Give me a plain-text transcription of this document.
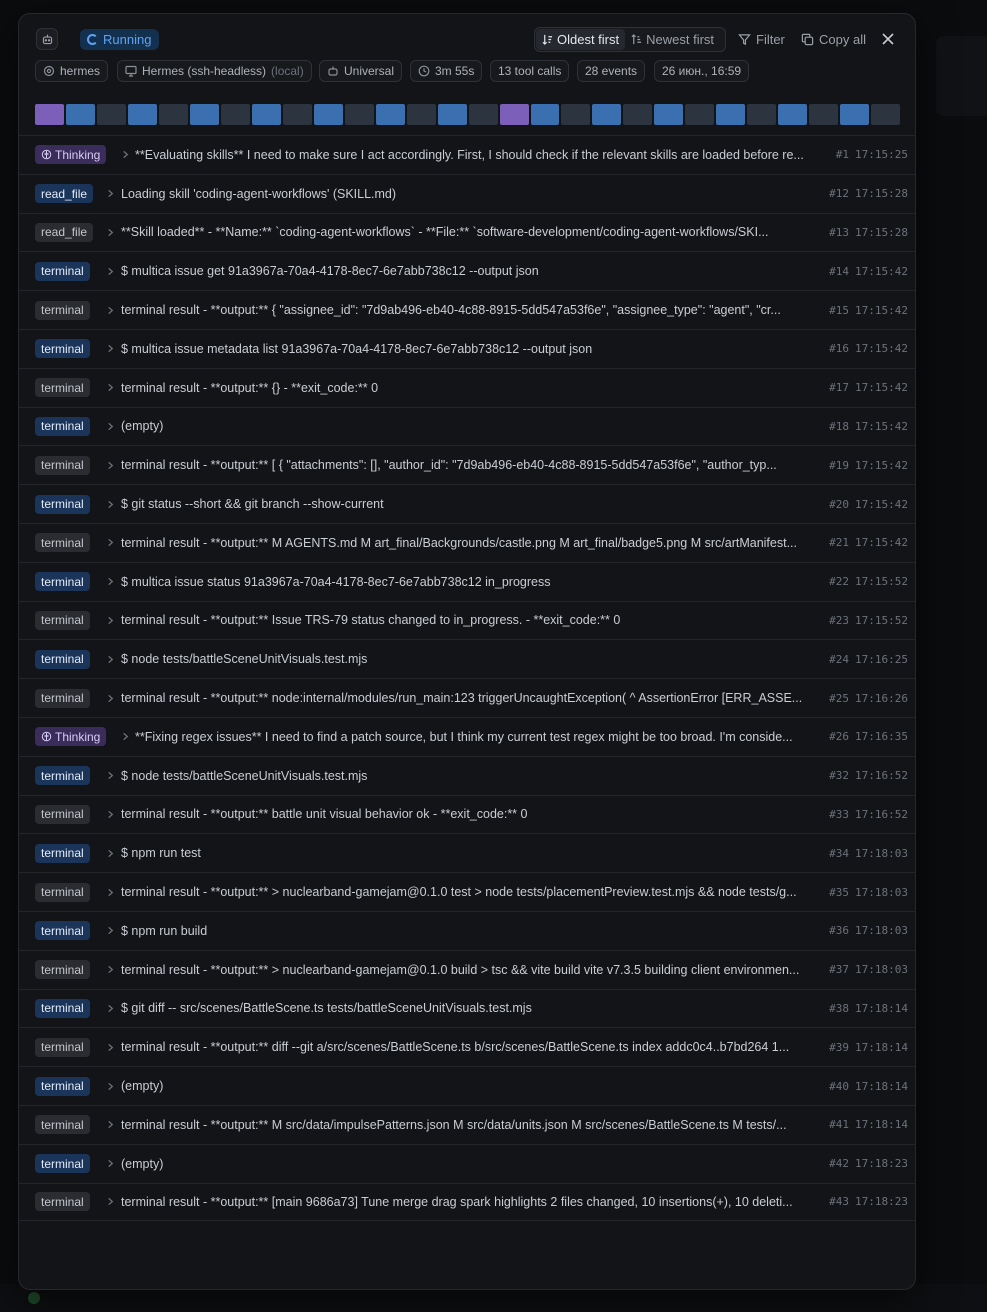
Running	Oldest first Newest first	Filter	Copy all
hermes	Hermes (ssh-headless) (local)	Universal	3m 55s 13 tool calls 28 events 26 июн., 16:59
Thinking	**Evaluating skills** I need to make sure I act accordingly. First, I should check if the relevant skills are loaded before re...	#1 17:15:25
read_file	Loading skill 'coding-agent-workflows' (SKILL.md)	#12 17:15:28
read_file	**Skill loaded** - **Name:** `coding-agent-workflows` - **File:** `software-development/coding-agent-workflows/SKI...	#13 17:15:28
terminal	$ multica issue get 91a3967a-70a4-4178-8ec7-6e7abb738c12 --output json	#14 17:15:42
terminal	terminal result - **output:** { "assignee_id": "7d9ab496-eb40-4c88-8915-5dd547a53f6e", "assignee_type": "agent", "cr...	#15 17:15:42
terminal	$ multica issue metadata list 91a3967a-70a4-4178-8ec7-6e7abb738c12 --output json	#16 17:15:42
terminal	terminal result - **output:** {} - **exit_code:** 0	#17 17:15:42
terminal	(empty)	#18 17:15:42
terminal	terminal result - **output:** [ { "attachments": [], "author_id": "7d9ab496-eb40-4c88-8915-5dd547a53f6e", "author_typ...	#19 17:15:42
terminal	$ git status --short && git branch --show-current	#20 17:15:42
terminal	terminal result - **output:** M AGENTS.md M art_final/Backgrounds/castle.png M art_final/badge5.png M src/artManifest...	#21 17:15:42
terminal	$ multica issue status 91a3967a-70a4-4178-8ec7-6e7abb738c12 in_progress	#22 17:15:52
terminal	terminal result - **output:** Issue TRS-79 status changed to in_progress. - **exit_code:** 0	#23 17:15:52
terminal	$ node tests/battleSceneUnitVisuals.test.mjs	#24 17:16:25
terminal	terminal result - **output:** node:internal/modules/run_main:123 triggerUncaughtException( ^ AssertionError [ERR_ASSE...	#25 17:16:26
Thinking	**Fixing regex issues** I need to find a patch source, but I think my current test regex might be too broad. I'm conside...	#26 17:16:35
terminal	$ node tests/battleSceneUnitVisuals.test.mjs	#32 17:16:52
terminal	terminal result - **output:** battle unit visual behavior ok - **exit_code:** 0	#33 17:16:52
terminal	$ npm run test	#34 17:18:03
terminal	terminal result - **output:** > nuclearband-gamejam@0.1.0 test > node tests/placementPreview.test.mjs && node tests/g...	#35 17:18:03
terminal	$ npm run build	#36 17:18:03
terminal	terminal result - **output:** > nuclearband-gamejam@0.1.0 build > tsc && vite build vite v7.3.5 building client environmen...	#37 17:18:03
terminal	$ git diff -- src/scenes/BattleScene.ts tests/battleSceneUnitVisuals.test.mjs	#38 17:18:14
terminal	terminal result - **output:** diff --git a/src/scenes/BattleScene.ts b/src/scenes/BattleScene.ts index addc0c4..b7bd264 1...	#39 17:18:14
terminal	(empty)	#40 17:18:14
terminal	terminal result - **output:** M src/data/impulsePatterns.json M src/data/units.json M src/scenes/BattleScene.ts M tests/...	#41 17:18:14
terminal	(empty)	#42 17:18:23
terminal	terminal result - **output:** [main 9686a73] Tune merge drag spark highlights 2 files changed, 10 insertions(+), 10 deleti...	#43 17:18:23
